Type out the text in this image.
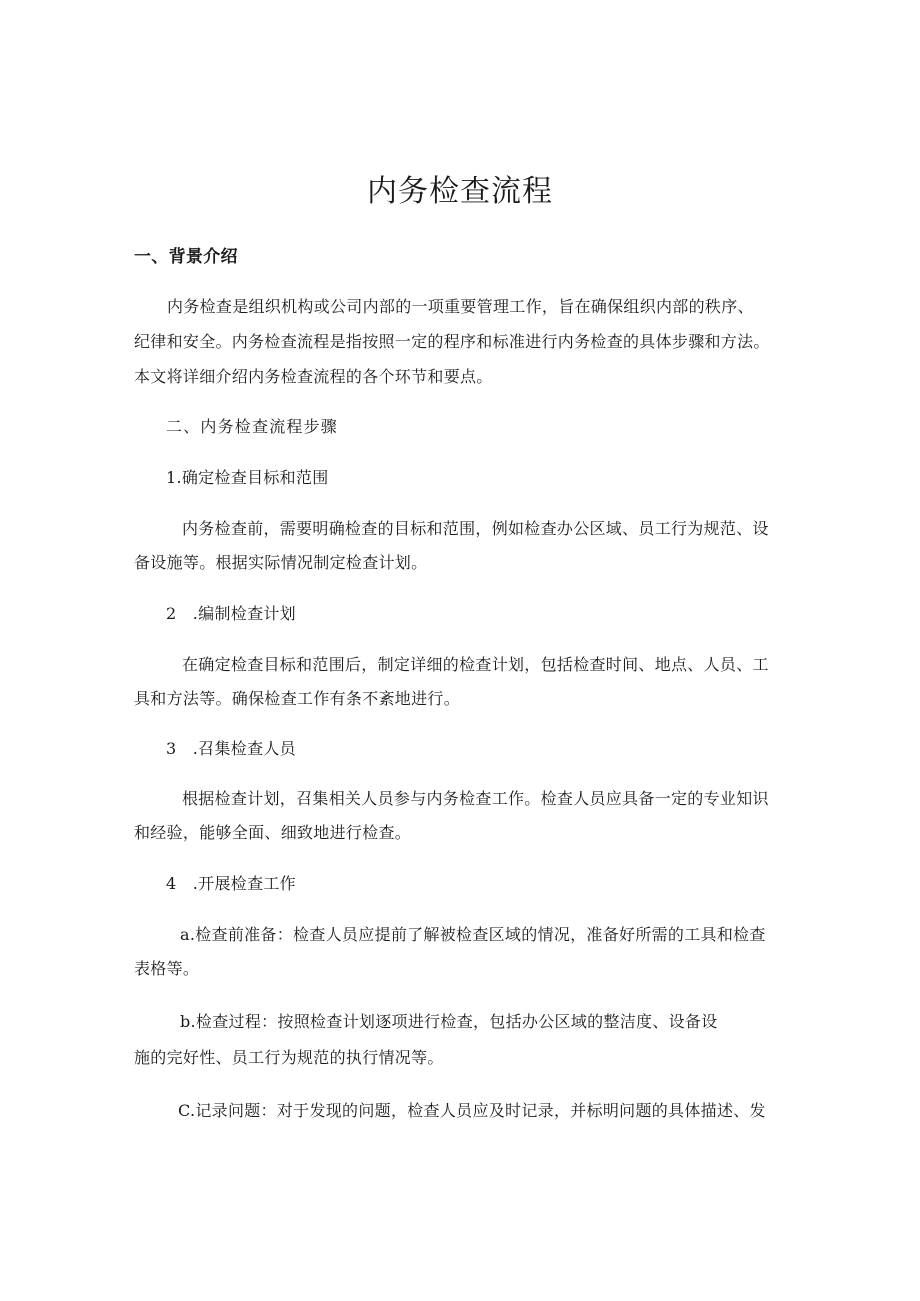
内务检查流程

一、背景介绍

内务检查是组织机构或公司内部的一项重要管理工作，旨在确保组织内部的秩序、

纪律和安全。内务检查流程是指按照一定的程序和标准进行内务检查的具体步骤和方法。

本文将详细介绍内务检查流程的各个环节和要点。

二、内务检查流程步骤

1.确定检查目标和范围

内务检查前，需要明确检查的目标和范围，例如检查办公区域、员工行为规范、设

备设施等。根据实际情况制定检查计划。

2　.编制检查计划

在确定检查目标和范围后，制定详细的检查计划，包括检查时间、地点、人员、工

具和方法等。确保检查工作有条不紊地进行。

3　.召集检查人员

根据检查计划，召集相关人员参与内务检查工作。检查人员应具备一定的专业知识

和经验，能够全面、细致地进行检查。

4　.开展检查工作

a.检查前准备：检查人员应提前了解被检查区域的情况，准备好所需的工具和检查

表格等。

b.检查过程：按照检查计划逐项进行检查，包括办公区域的整洁度、设备设

施的完好性、员工行为规范的执行情况等。

C.记录问题：对于发现的问题，检查人员应及时记录，并标明问题的具体描述、发
